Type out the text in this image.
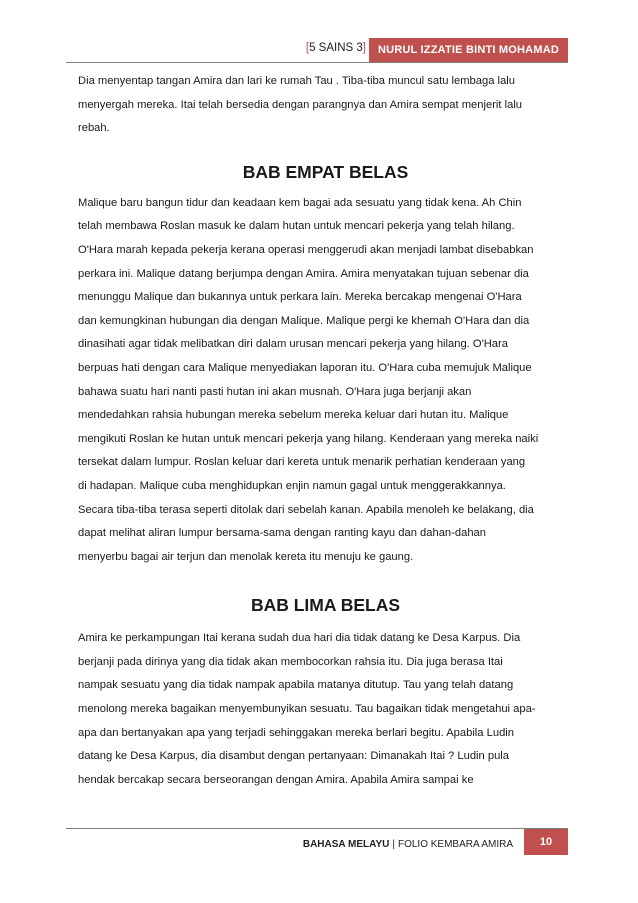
[5 SAINS 3] NURUL IZZATIE BINTI MOHAMAD

Dia menyentap tangan Amira dan lari ke rumah Tau . Tiba-tiba muncul satu lembaga lalu

menyergah mereka. Itai telah bersedia dengan parangnya dan Amira sempat menjerit lalu

rebah.

BAB EMPAT BELAS

Malique baru bangun tidur dan keadaan kem bagai ada sesuatu yang tidak kena. Ah Chin

telah membawa Roslan masuk ke dalam hutan untuk mencari pekerja yang telah hilang.

O'Hara marah kepada pekerja kerana operasi menggerudi akan menjadi lambat disebabkan

perkara ini. Malique datang berjumpa dengan Amira. Amira menyatakan tujuan sebenar dia

menunggu Malique dan bukannya untuk perkara lain. Mereka bercakap mengenai O'Hara

dan kemungkinan hubungan dia dengan Malique. Malique pergi ke khemah O'Hara dan dia

dinasihati agar tidak melibatkan diri dalam urusan mencari pekerja yang hilang. O'Hara

berpuas hati dengan cara Malique menyediakan laporan itu. O'Hara cuba memujuk Malique

bahawa suatu hari nanti pasti hutan ini akan musnah. O'Hara juga berjanji akan

mendedahkan rahsia hubungan mereka sebelum mereka keluar dari hutan itu. Malique

mengikuti Roslan ke hutan untuk mencari pekerja yang hilang. Kenderaan yang mereka naiki

tersekat dalam lumpur. Roslan keluar dari kereta untuk menarik perhatian kenderaan yang

di hadapan. Malique cuba menghidupkan enjin namun gagal untuk menggerakkannya.

Secara tiba-tiba terasa seperti ditolak dari sebelah kanan. Apabila menoleh ke belakang, dia

dapat melihat aliran lumpur bersama-sama dengan ranting kayu dan dahan-dahan

menyerbu bagai air terjun dan menolak kereta itu menuju ke gaung.

BAB LIMA BELAS

Amira ke perkampungan Itai kerana sudah dua hari dia tidak datang ke Desa Karpus. Dia

berjanji pada dirinya yang dia tidak akan membocorkan rahsia itu. Dia juga berasa Itai

nampak sesuatu yang dia tidak nampak apabila matanya ditutup. Tau yang telah datang

menolong mereka bagaikan menyembunyikan sesuatu. Tau bagaikan tidak mengetahui apa-

apa dan bertanyakan apa yang terjadi sehinggakan mereka berlari begitu. Apabila Ludin

datang ke Desa Karpus, dia disambut dengan pertanyaan: Dimanakah Itai ? Ludin pula

hendak bercakap secara berseorangan dengan Amira. Apabila Amira sampai ke

BAHASA MELAYU | FOLIO KEMBARA AMIRA 10
